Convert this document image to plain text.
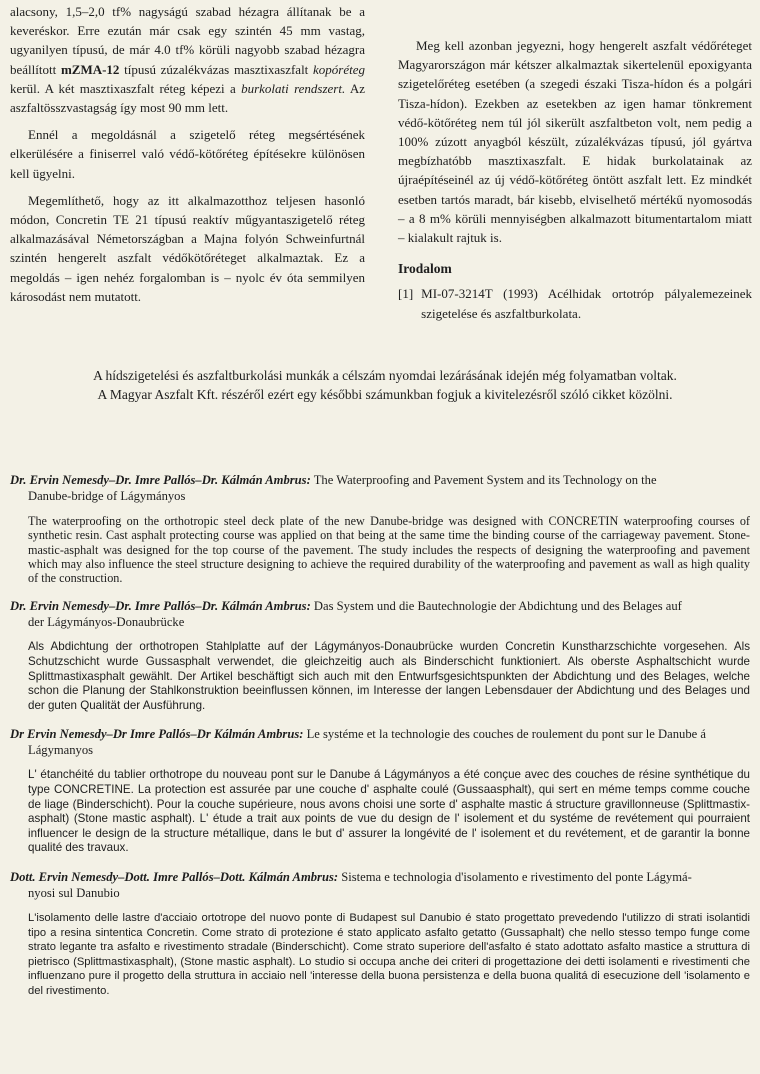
alacsony, 1,5–2,0 tf% nagyságú szabad hézagra állítanak be a keveréskor. Erre ezután már csak egy szintén 45 mm vastag, ugyanilyen típusú, de már 4.0 tf% körüli nagyobb szabad hézagra beállított mZMA-12 típusú zúzalékvázas masztixaszfalt kopóréteg kerül. A két masztixaszfalt réteg képezi a burkolati rendszert. Az aszfaltösszvastagság így most 90 mm lett.

Ennél a megoldásnál a szigetelő réteg megsértésének elkerülésére a finiserrel való védő-kötőréteg építésekre különösen kell ügyelni.

Megemlíthető, hogy az itt alkalmazotthoz teljesen hasonló módon, Concretin TE 21 típusú reaktív műgyantaszigetelő réteg alkalmazásával Németországban a Majna folyón Schweinfurtnál szintén hengerelt aszfalt védőkötőréteget alkalmaztak. Ez a megoldás – igen nehéz forgalomban is – nyolc év óta semmilyen károsodást nem mutatott.

Meg kell azonban jegyezni, hogy hengerelt aszfalt védőréteget Magyarországon már kétszer alkalmaztak sikertelenül epoxigyanta szigetelőréteg esetében (a szegedi északi Tisza-hídon és a polgári Tisza-hídon). Ezekben az esetekben az igen hamar tönkrement védő-kötőréteg nem túl jól sikerült aszfaltbeton volt, nem pedig a 100% zúzott anyagból készült, zúzalékvázas típusú, jól gyártva megbízhatóbb masztixaszfalt. E hidak burkolatainak az újraépítéseinél az új védő-kötőréteg öntött aszfalt lett. Ez mindkét esetben tartós maradt, bár kisebb, elviselhető mértékű nyomosodás – a 8 m% körüli mennyiségben alkalmazott bitumentartalom miatt – kialakult rajtuk is.

Irodalom
[1] MI-07-3214T (1993) Acélhidak ortotróp pályalemezeinek szigetelése és aszfaltburkolata.
A hídszigetelési és aszfaltburkolási munkák a célszám nyomdai lezárásának idején még folyamatban voltak.
A Magyar Aszfalt Kft. részéről ezért egy későbbi számunkban fogjuk a kivitelezésről szóló cikket közölni.
Dr. Ervin Nemesdy–Dr. Imre Pallós–Dr. Kálmán Ambrus: The Waterproofing and Pavement System and its Technology on the
Danube-bridge of Lágymányos
The waterproofing on the orthotropic steel deck plate of the new Danube-bridge was designed with CONCRETIN waterproofing courses of synthetic resin. Cast asphalt protecting course was applied on that being at the same time the binding course of the carriageway pavement. Stone-mastic-asphalt was designed for the top course of the pavement. The study includes the respects of designing the waterproofing and pavement which may also influence the steel structure designing to achieve the required durability of the waterproofing and pavement as wall as high quality of the construction.
Dr. Ervin Nemesdy–Dr. Imre Pallós–Dr. Kálmán Ambrus: Das System und die Bautechnologie der Abdichtung und des Belages auf
der Lágymányos-Donaubrücke
Als Abdichtung der orthotropen Stahlplatte auf der Lágymányos-Donaubrücke wurden Concretin Kunstharzschichte vorgesehen. Als Schutzschicht wurde Gussasphalt verwendet, die gleichzeitig auch als Binderschicht funktioniert. Als oberste Asphaltschicht wurde Splittmastixasphalt gewählt. Der Artikel beschäftigt sich auch mit den Entwurfsgesichtspunkten der Abdichtung und des Belages, welche schon die Planung der Stahlkonstruktion beeinflussen können, im Interesse der langen Lebensdauer der Abdichtung und des Belages und der guten Qualität der Ausführung.
Dr Ervin Nemesdy–Dr Imre Pallós–Dr Kálmán Ambrus: Le systéme et la technologie des couches de roulement du pont sur le Danube á
Lágymanyos
L' étanchéité du tablier orthotrope du nouveau pont sur le Danube á Lágymányos a été conçue avec des couches de résine synthétique du type CONCRETINE. La protection est assurée par une couche d' asphalte coulé (Gussaasphalt), qui sert en méme temps comme couche de liage (Binderschicht). Pour la couche supérieure, nous avons choisi une sorte d' asphalte mastic á structure gravillonneuse (Splittmastix-asphalt) (Stone mastic asphalt). L' étude a trait aux points de vue du design de l' isolement et du systéme de revétement qui pourraient influencer le design de la structure métallique, dans le but d' assurer la longévité de l' isolement et du revétement, et de garantir la bonne qualité des travaux.
Dott. Ervin Nemesdy–Dott. Imre Pallós–Dott. Kálmán Ambrus: Sistema e technologia d'isolamento e rivestimento del ponte Lágymá-
nyosi sul Danubio
L'isolamento delle lastre d'acciaio ortotrope del nuovo ponte di Budapest sul Danubio é stato progettato prevedendo l'utilizzo di strati isolantidi tipo a resina sintentica Concretin. Come strato di protezione é stato applicato asfalto getatto (Gussaphalt) che nello stesso tempo funge come strato legante tra asfalto e rivestimento stradale (Binderschicht). Come strato superiore dell'asfalto é stato adottato asfalto mastice a struttura di pietrisco (Splittmastixasphalt), (Stone mastic asphalt). Lo studio si occupa anche dei criteri di progettazione dei detti isolamenti e rivestimenti che influenzano pure il progetto della struttura in acciaio nell 'interesse della buona persistenza e della buona qualitá di esecuzione dell 'isolamento e del rivestimento.
